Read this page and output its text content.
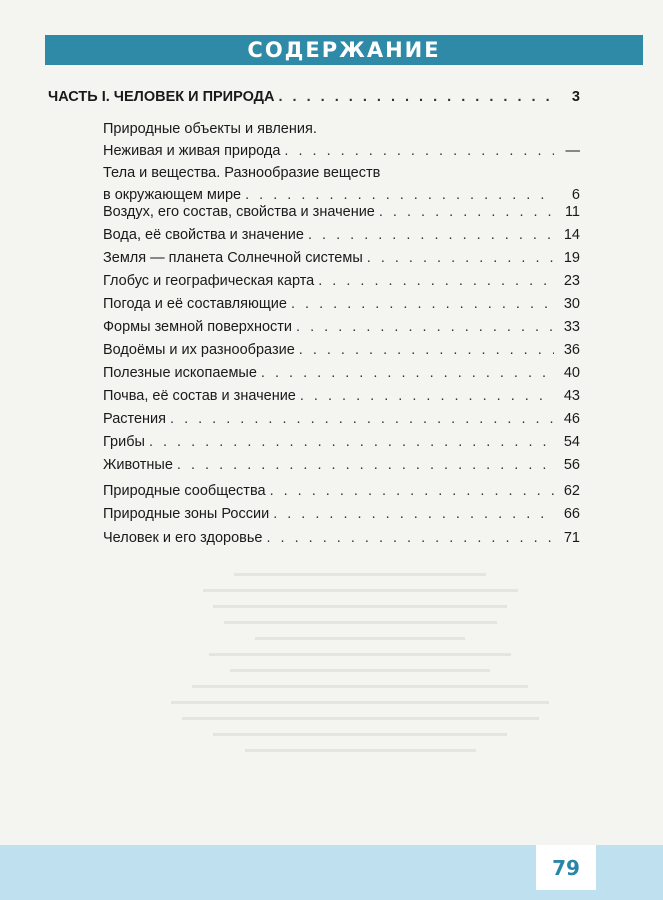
СОДЕРЖАНИЕ
ЧАСТЬ I. ЧЕЛОВЕК И ПРИРОДА . . .	3
Природные объекты и явления.
Неживая и живая природа . . .	—
Тела и вещества. Разнообразие веществ
в окружающем мире . . .	6
Воздух, его состав, свойства и значение . . .	11
Вода, её свойства и значение . . .	14
Земля — планета Солнечной системы . . .	19
Глобус и географическая карта . . .	23
Погода и её составляющие . . .	30
Формы земной поверхности . . .	33
Водоёмы и их разнообразие . . .	36
Полезные ископаемые . . .	40
Почва, её состав и значение . . .	43
Растения . . .	46
Грибы . . .	54
Животные . . .	56
Природные сообщества . . .	62
Природные зоны России . . .	66
Человек и его здоровье . . .	71
79
